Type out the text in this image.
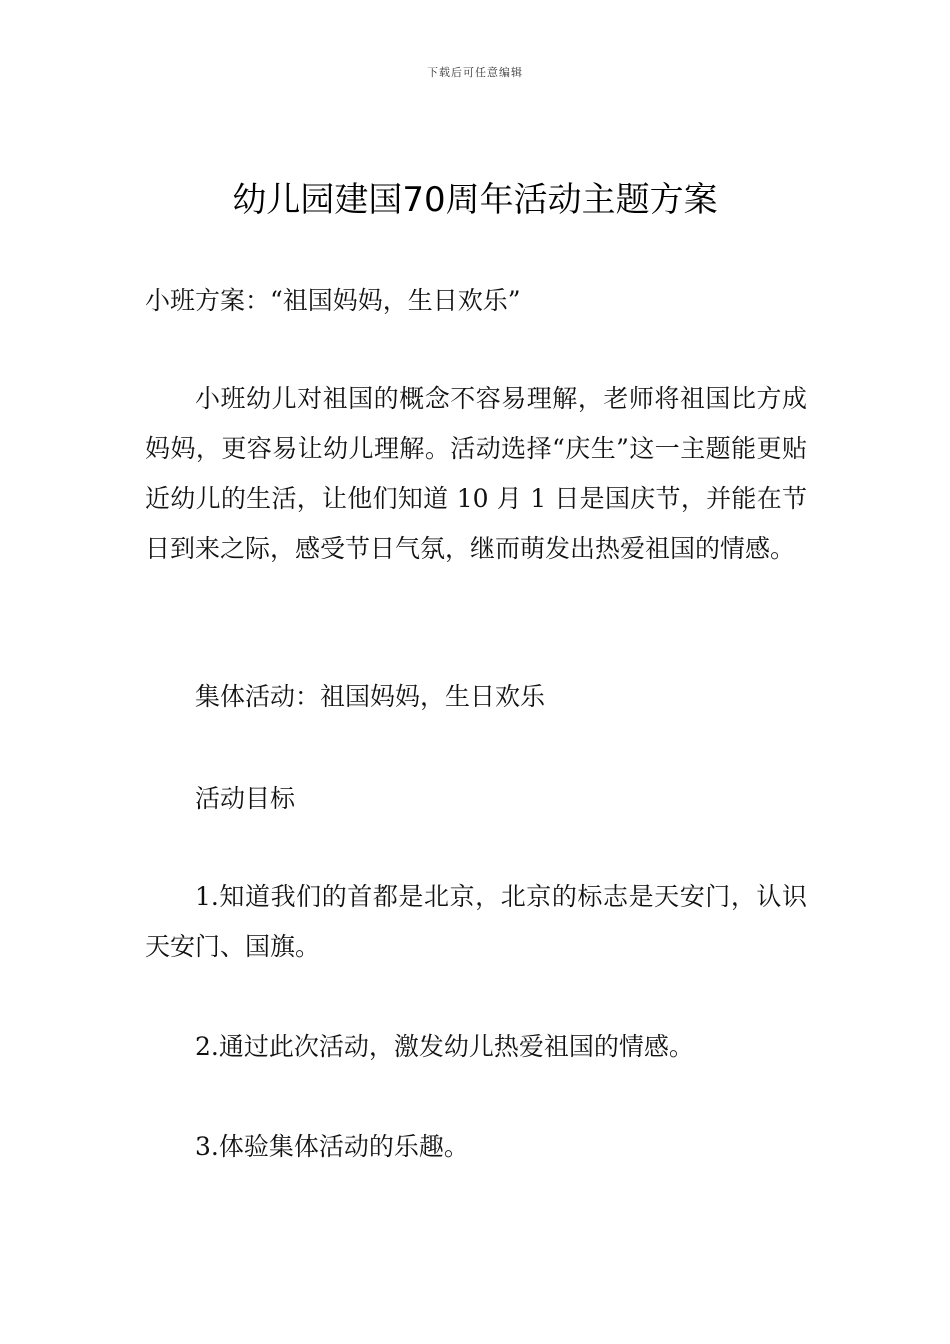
下载后可任意编辑
幼儿园建国70周年活动主题方案

小班方案：“祖国妈妈，生日欢乐”

小班幼儿对祖国的概念不容易理解，老师将祖国比方成妈妈，更容易让幼儿理解。活动选择“庆生”这一主题能更贴近幼儿的生活，让他们知道 10 月 1 日是国庆节，并能在节日到来之际，感受节日气氛，继而萌发出热爱祖国的情感。

集体活动：祖国妈妈，生日欢乐

活动目标

1.知道我们的首都是北京，北京的标志是天安门，认识天安门、国旗。

2.通过此次活动，激发幼儿热爱祖国的情感。

3.体验集体活动的乐趣。
